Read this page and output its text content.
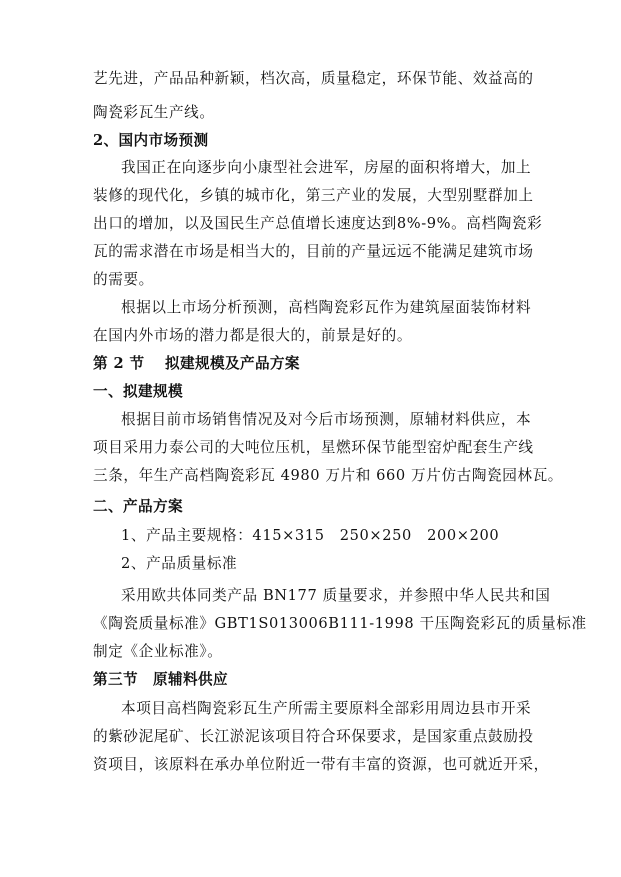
艺先进，产品品种新颖，档次高，质量稳定，环保节能、效益高的
陶瓷彩瓦生产线。
2、国内市场预测
我国正在向逐步向小康型社会进军，房屋的面积将增大，加上
装修的现代化，乡镇的城市化，第三产业的发展，大型别墅群加上
出口的增加，以及国民生产总值增长速度达到8%-9%。高档陶瓷彩
瓦的需求潜在市场是相当大的，目前的产量远远不能满足建筑市场
的需要。
根据以上市场分析预测，高档陶瓷彩瓦作为建筑屋面装饰材料
在国内外市场的潜力都是很大的，前景是好的。
第 2 节　 拟建规模及产品方案
一、拟建规模
根据目前市场销售情况及对今后市场预测，原辅材料供应，本
项目采用力泰公司的大吨位压机，星燃环保节能型窑炉配套生产线
三条，年生产高档陶瓷彩瓦 4980 万片和 660 万片仿古陶瓷园林瓦。
二、产品方案
1、产品主要规格：415×315　250×250　200×200
2、产品质量标准
采用欧共体同类产品 BN177 质量要求，并参照中华人民共和国
《陶瓷质量标准》GBT1S013006B111-1998 干压陶瓷彩瓦的质量标准
制定《企业标准》。
第三节　原辅料供应
本项目高档陶瓷彩瓦生产所需主要原料全部彩用周边县市开采
的紫砂泥尾矿、长江淤泥该项目符合环保要求，是国家重点鼓励投
资项目，该原料在承办单位附近一带有丰富的资源，也可就近开采，
